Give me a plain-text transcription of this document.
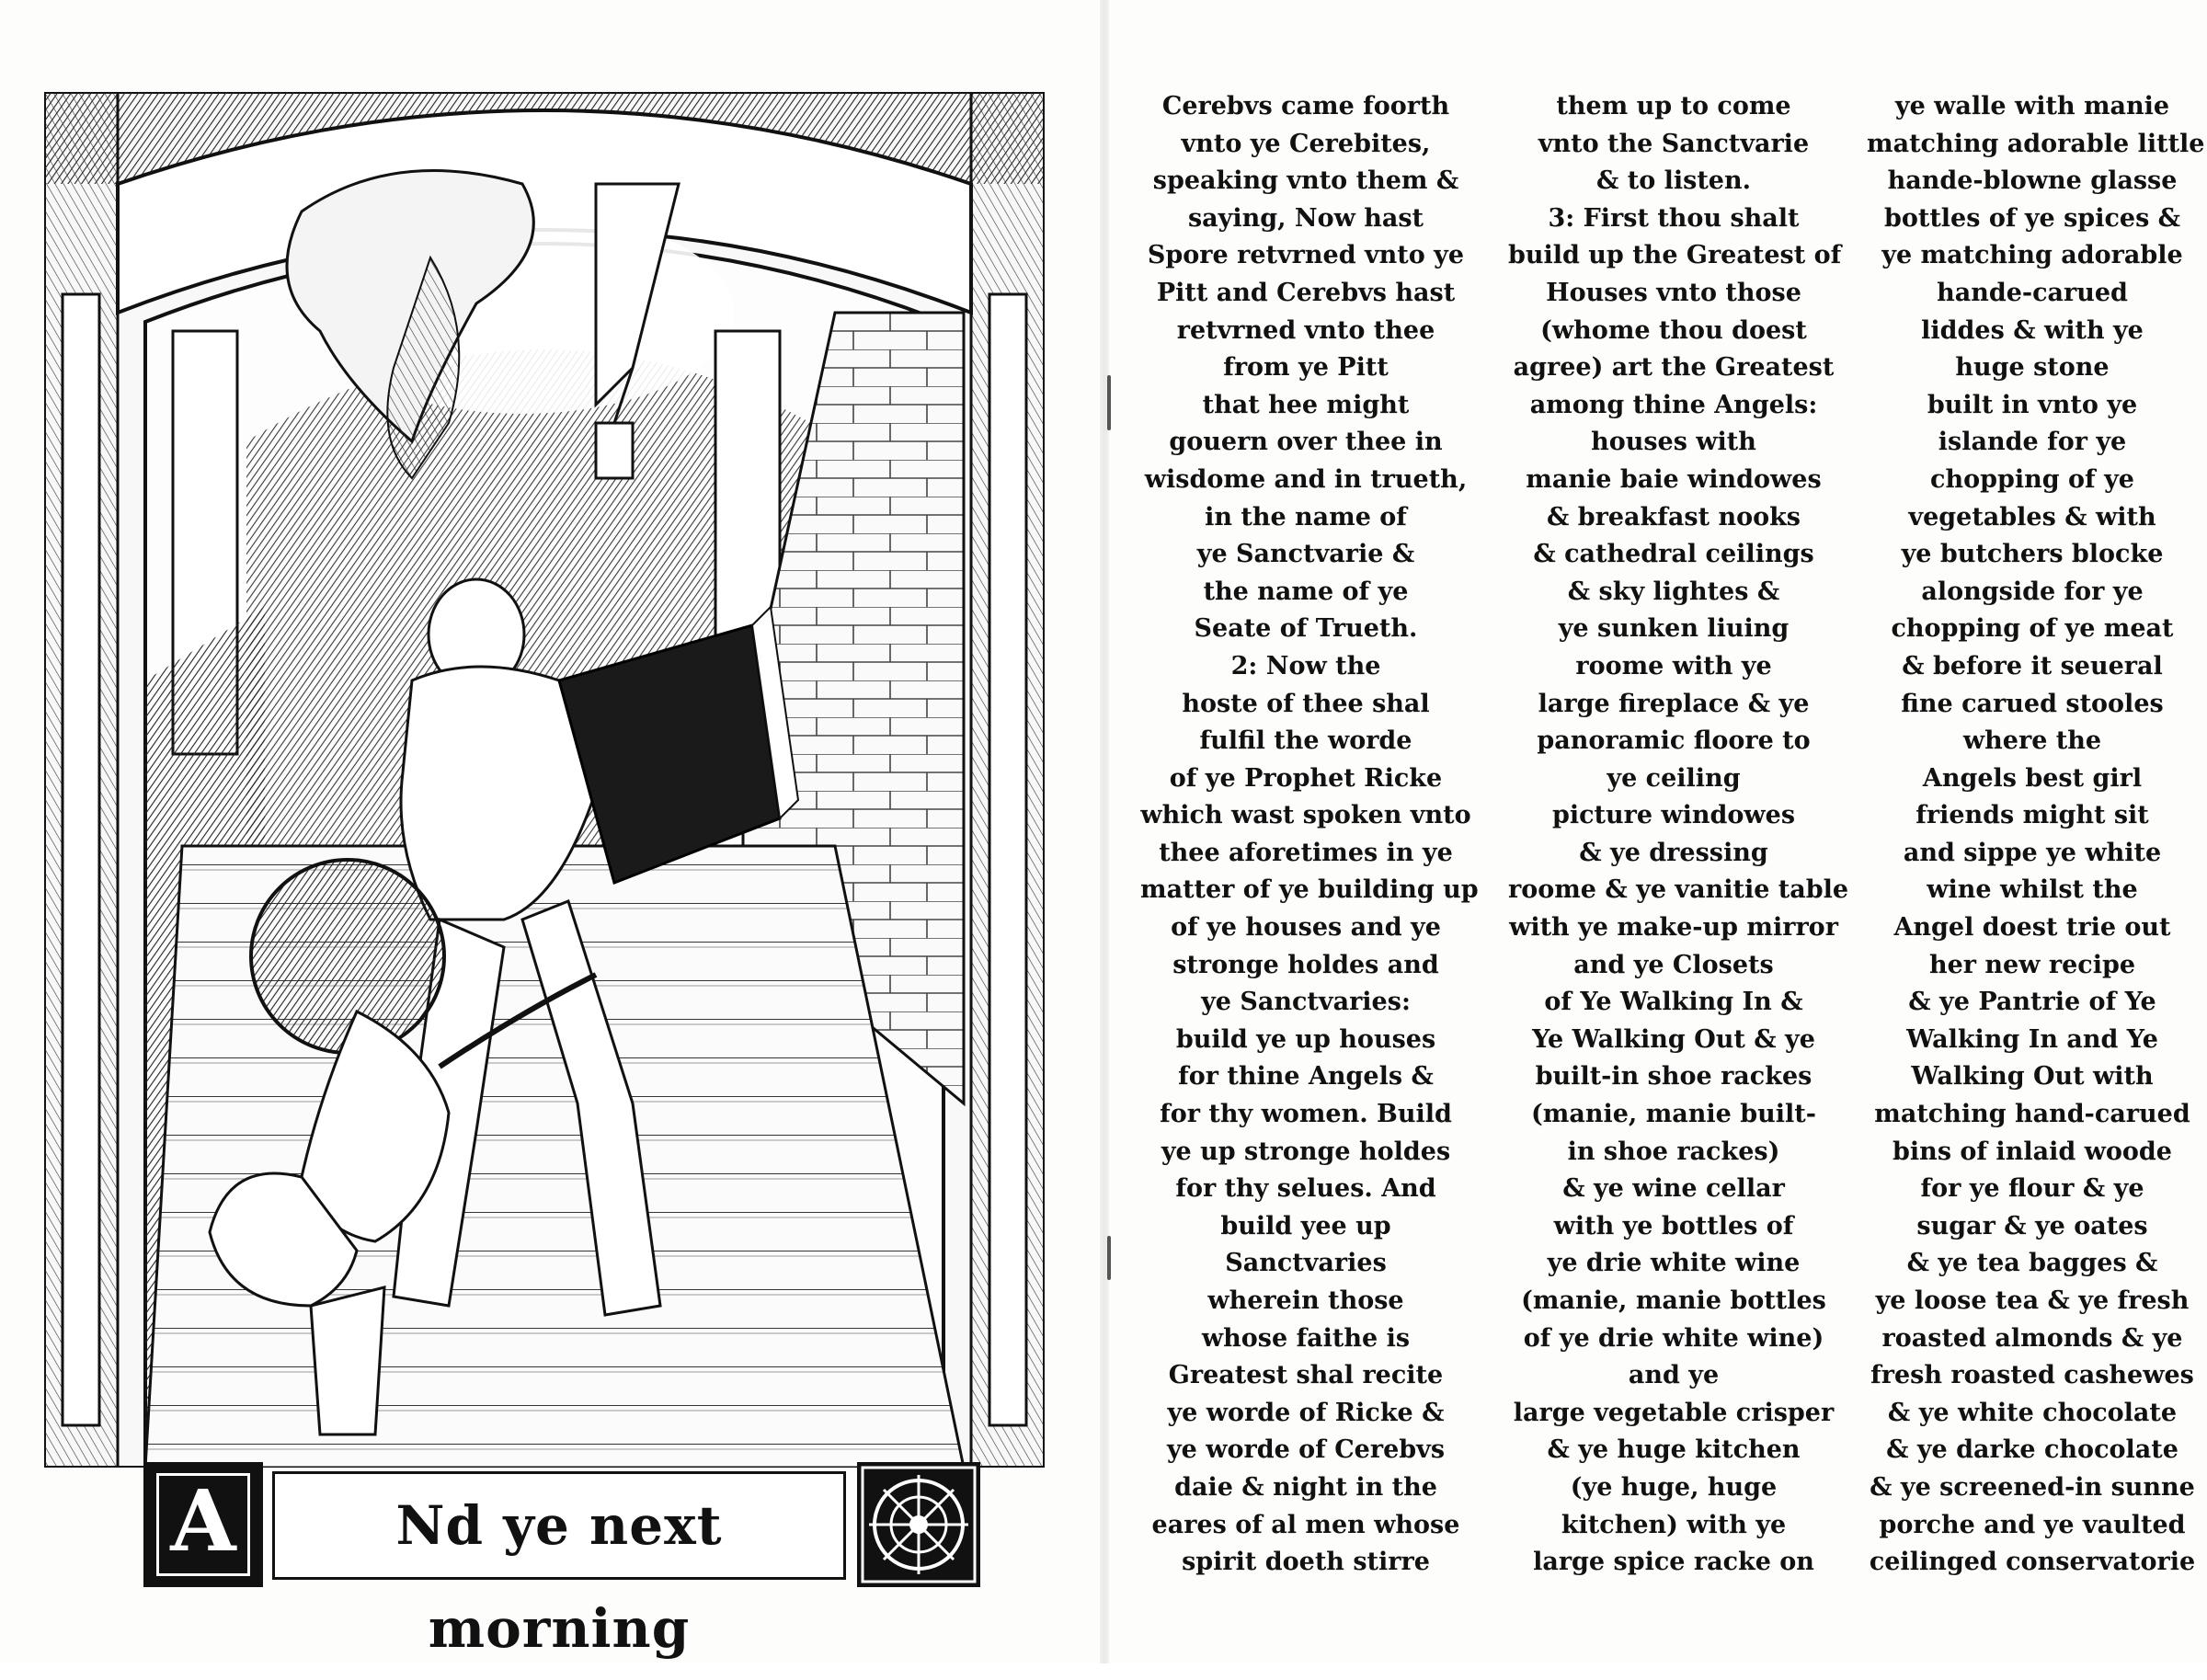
A	Nd ye next morning
Cerebvs came foorth
vnto ye Cerebites,
speaking vnto them &
saying, Now hast
Spore retvrned vnto ye
Pitt and Cerebvs hast
retvrned vnto thee
from ye Pitt
that hee might
gouern over thee in
wisdome and in trueth,
in the name of
ye Sanctvarie &
the name of ye
Seate of Trueth.
2: Now the
hoste of thee shal
fulfil the worde
of ye Prophet Ricke
which wast spoken vnto
thee aforetimes in ye
matter of ye building up
of ye houses and ye
stronge holdes and
ye Sanctvaries:
build ye up houses
for thine Angels &
for thy women. Build
ye up stronge holdes
for thy selues. And
build yee up
Sanctvaries
wherein those
whose faithe is
Greatest shal recite
ye worde of Ricke &
ye worde of Cerebvs
daie & night in the
eares of al men whose
spirit doeth stirre
them up to come
vnto the Sanctvarie
& to listen.
3: First thou shalt
build up the Greatest of
Houses vnto those
(whome thou doest
agree) art the Greatest
among thine Angels:
houses with
manie baie windowes
& breakfast nooks
& cathedral ceilings
& sky lightes &
ye sunken liuing
roome with ye
large fireplace & ye
panoramic floore to
ye ceiling
picture windowes
& ye dressing
roome & ye vanitie table
with ye make-up mirror
and ye Closets
of Ye Walking In &
Ye Walking Out & ye
built-in shoe rackes
(manie, manie built-
in shoe rackes)
& ye wine cellar
with ye bottles of
ye drie white wine
(manie, manie bottles
of ye drie white wine)
and ye
large vegetable crisper
& ye huge kitchen
(ye huge, huge
kitchen) with ye
large spice racke on
ye walle with manie
matching adorable little
hande-blowne glasse
bottles of ye spices &
ye matching adorable
hande-carued
liddes & with ye
huge stone
built in vnto ye
islande for ye
chopping of ye
vegetables & with
ye butchers blocke
alongside for ye
chopping of ye meat
& before it seueral
fine carued stooles
where the
Angels best girl
friends might sit
and sippe ye white
wine whilst the
Angel doest trie out
her new recipe
& ye Pantrie of Ye
Walking In and Ye
Walking Out with
matching hand-carued
bins of inlaid woode
for ye flour & ye
sugar & ye oates
& ye tea bagges &
ye loose tea & ye fresh
roasted almonds & ye
fresh roasted cashewes
& ye white chocolate
& ye darke chocolate
& ye screened-in sunne
porche and ye vaulted
ceilinged conservatorie
